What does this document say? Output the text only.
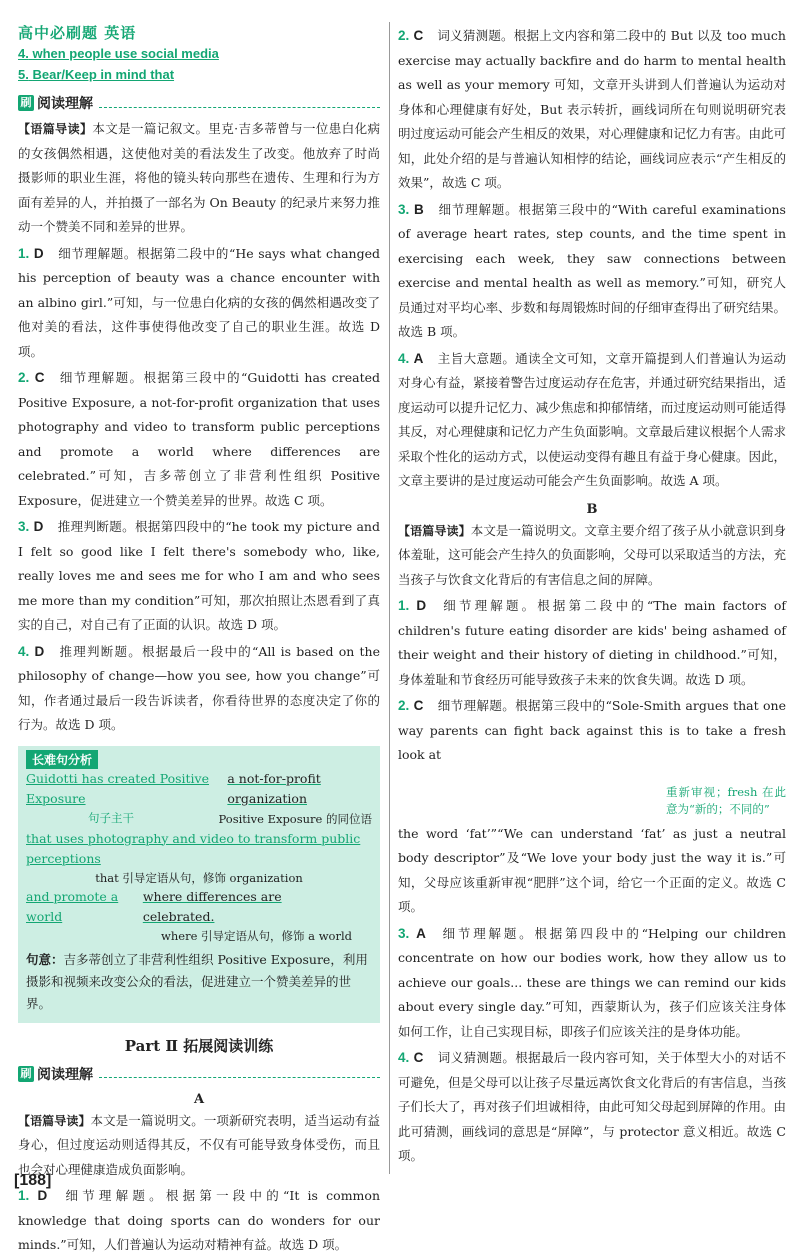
高中必刷题 英语
4. when people use social media
5. Bear/Keep in mind that
刷 阅读理解
【语篇导读】本文是一篇记叙文。里克·吉多蒂曾与一位患白化病的女孩偶然相遇，这使他对美的看法发生了改变。他放弃了时尚摄影师的职业生涯，将他的镜头转向那些在遗传、生理和行为方面有差异的人，并拍摄了一部名为 On Beauty 的纪录片来努力推动一个赞美不同和差异的世界。
1. D 细节理解题。根据第二段中的“He says what changed his perception of beauty was a chance encounter with an albino girl.”可知，与一位患白化病的女孩的偶然相遇改变了他对美的看法，这件事使得他改变了自己的职业生涯。故选 D 项。
2. C 细节理解题。根据第三段中的“Guidotti has created Positive Exposure, a not-for-profit organization that uses photography and video to transform public perceptions and promote a world where differences are celebrated.”可知，吉多蒂创立了非营利性组织 Positive Exposure，促进建立一个赞美差异的世界。故选 C 项。
3. D 推理判断题。根据第四段中的“he took my picture and I felt so good like I felt there's somebody who, like, really loves me and sees me for who I am and who sees me more than my condition”可知，那次拍照让杰恩看到了真实的自己，对自己有了正面的认识。故选 D 项。
4. D 推理判断题。根据最后一段中的“All is based on the philosophy of change—how you see, how you change”可知，作者通过最后一段告诉读者，你看待世界的态度决定了你的行为。故选 D 项。
长难句分析
Guidotti has created Positive Exposure
a not-for-profit organization
句子主干	Positive Exposure 的同位语
that uses photography and video to transform public perceptions
that 引导定语从句，修饰 organization
and promote a world
where differences are celebrated.
where 引导定语从句，修饰 a world
句意：吉多蒂创立了非营利性组织 Positive Exposure，利用摄影和视频来改变公众的看法，促进建立一个赞美差异的世界。
Part Ⅱ 拓展阅读训练
刷 阅读理解
A
【语篇导读】本文是一篇说明文。一项新研究表明，适当运动有益身心，但过度运动则适得其反，不仅有可能导致身体受伤，而且也会对心理健康造成负面影响。
1. D 细节理解题。根据第一段中的“It is common knowledge that doing sports can do wonders for our minds.”可知，人们普遍认为运动对精神有益。故选 D 项。
2. C 词义猜测题。根据上文内容和第二段中的 But 以及 too much exercise may actually backfire and do harm to mental health as well as your memory 可知，文章开头讲到人们普遍认为运动对身体和心理健康有好处，But 表示转折，画线词所在句则说明研究表明过度运动可能会产生相反的效果，对心理健康和记忆力有害。由此可知，此处介绍的是与普遍认知相悖的结论，画线词应表示“产生相反的效果”，故选 C 项。
3. B 细节理解题。根据第三段中的“With careful examinations of average heart rates, step counts, and the time spent in exercising each week, they saw connections between exercise and mental health as well as memory.”可知，研究人员通过对平均心率、步数和每周锻炼时间的仔细审查得出了研究结果。故选 B 项。
4. A 主旨大意题。通读全文可知，文章开篇提到人们普遍认为运动对身心有益，紧接着警告过度运动存在危害，并通过研究结果指出，适度运动可以提升记忆力、减少焦虑和抑郁情绪，而过度运动则可能适得其反，对心理健康和记忆力产生负面影响。文章最后建议根据个人需求采取个性化的运动方式，以使运动变得有趣且有益于身心健康。因此，文章主要讲的是过度运动可能会产生负面影响。故选 A 项。
B
【语篇导读】本文是一篇说明文。文章主要介绍了孩子从小就意识到身体羞耻，这可能会产生持久的负面影响，父母可以采取适当的方法，充当孩子与饮食文化背后的有害信息之间的屏障。
1. D 细节理解题。根据第二段中的“The main factors of children's future eating disorder are kids' being ashamed of their weight and their history of dieting in childhood.”可知，身体羞耻和节食经历可能导致孩子未来的饮食失调。故选 D 项。
2. C 细节理解题。根据第三段中的“Sole-Smith argues that one way parents can fight back against this is to take a fresh look at
重新审视；fresh 在此意为“新的；不同的”
the word ‘fat’”“We can understand ‘fat’ as just a neutral body descriptor”及“We love your body just the way it is.”可知，父母应该重新审视“肥胖”这个词，给它一个正面的定义。故选 C 项。
3. A 细节理解题。根据第四段中的“Helping our children concentrate on how our bodies work, how they allow us to achieve our goals... these are things we can remind our kids about every single day.”可知，西蒙斯认为，孩子们应该关注身体如何工作，让自己实现目标，即孩子们应该关注的是身体功能。
4. C 词义猜测题。根据最后一段内容可知，关于体型大小的对话不可避免，但是父母可以让孩子尽量远离饮食文化背后的有害信息，当孩子们长大了，再对孩子们坦诚相待，由此可知父母起到屏障的作用。由此可猜测，画线词的意思是“屏障”，与 protector 意义相近。故选 C 项。
[188]
